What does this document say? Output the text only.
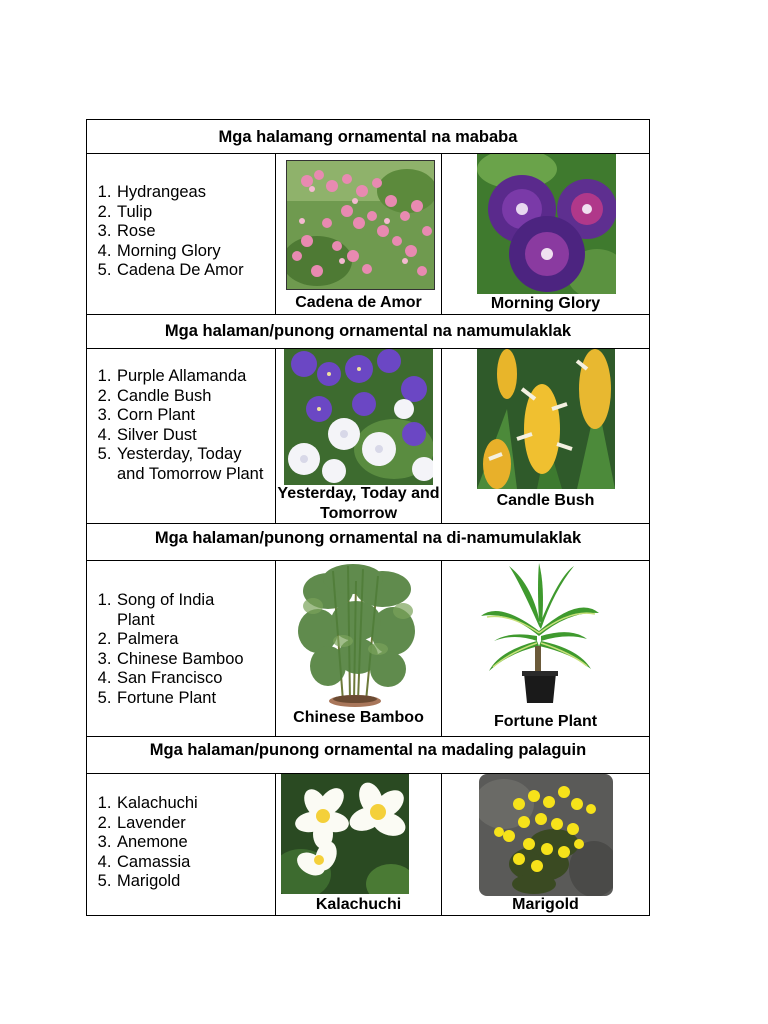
Mga halamang ornamental na mababa
1. Hydrangeas
2. Tulip
3. Rose
4. Morning Glory
5. Cadena De Amor
Cadena de Amor	Morning Glory
Mga halaman/punong ornamental na namumulaklak
1. Purple Allamanda
2. Candle Bush
3. Corn Plant
4. Silver Dust
5. Yesterday, Today and Tomorrow Plant
Yesterday, Today and Tomorrow
Candle Bush
Mga halaman/punong ornamental na di-namumulaklak
1. Song of India Plant
2. Palmera
3. Chinese Bamboo
4. San Francisco
5. Fortune Plant
Chinese Bamboo	Fortune Plant
Mga halaman/punong ornamental na madaling palaguin
1. Kalachuchi
2. Lavender
3. Anemone
4. Camassia
5. Marigold
Kalachuchi	Marigold
